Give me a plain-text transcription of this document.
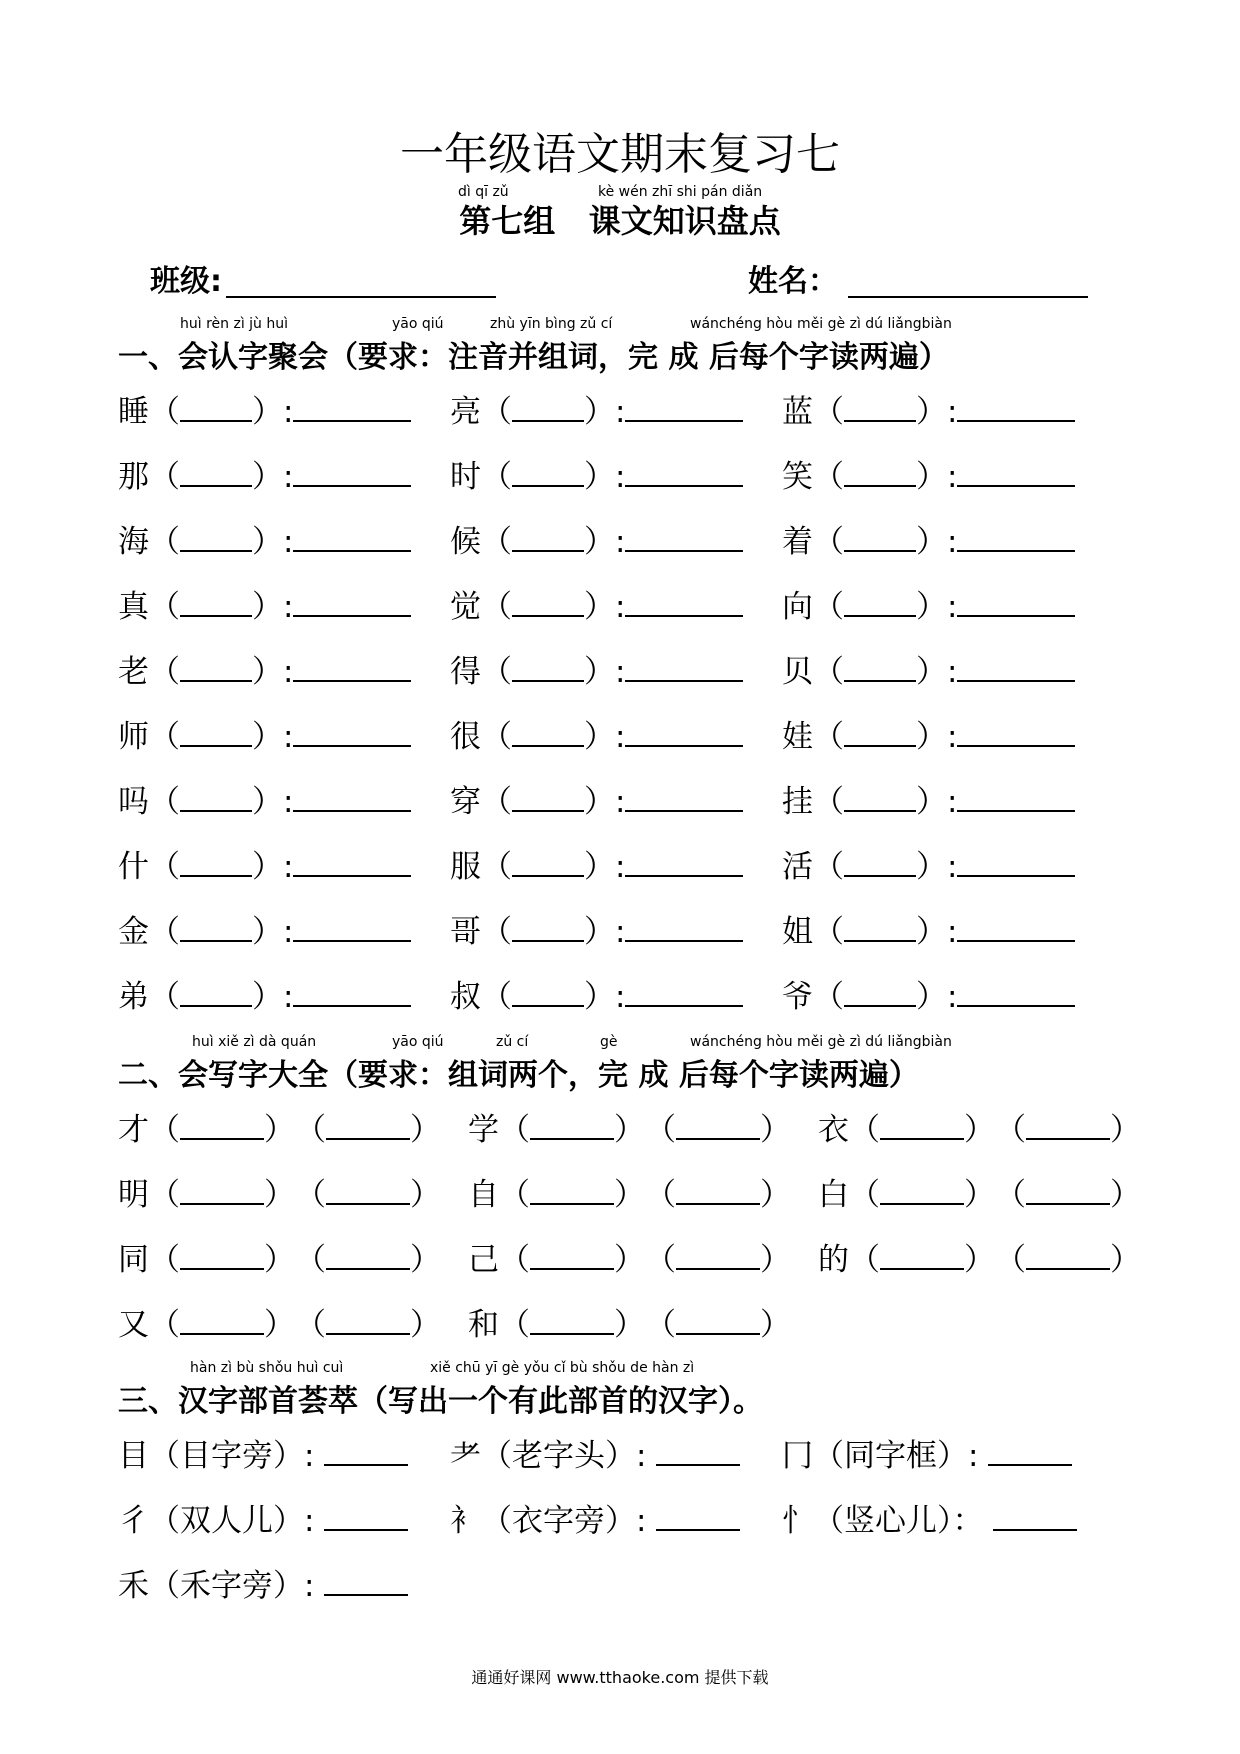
一年级语文期末复习七
dì qī zǔ	kè wén zhī shi pán diǎn
第七组 课文知识盘点
班级:	姓名：
huì rèn zì jù huì	yāo qiú	zhù yīn bìng zǔ cí	wánchéng hòu měi gè zì dú liǎngbiàn
一、会认字聚会（要求：注音并组词，完 成 后每个字读两遍）
睡（ ）:	亮（ ）:	蓝（ ）:
那（ ）:	时（ ）:	笑（ ）:
海（ ）:	候（ ）:	着（ ）:
真（ ）:	觉（ ）:	向（ ）:
老（ ）:	得（ ）:	贝（ ）:
师（ ）:	很（ ）:	娃（ ）:
吗（ ）:	穿（ ）:	挂（ ）:
什（ ）:	服（ ）:	活（ ）:
金（ ）:	哥（ ）:	姐（ ）:
弟（ ）:	叔（ ）:	爷（ ）:
huì xiě zì dà quán	yāo qiú	zǔ cí	gè	wánchéng hòu měi gè zì dú liǎngbiàn
二、会写字大全（要求：组词两个，完 成 后每个字读两遍）
才（	）（	） 学（	）（	） 衣（	）（	）
明（	）（	） 自（	）（	） 白（	）（	）
同（	）（	） 己（	）（	） 的（	）（	）
又（	）（	） 和（	）（	）
hàn zì bù shǒu huì cuì	xiě chū yī gè yǒu cǐ bù shǒu de hàn zì
三、汉字部首荟萃（写出一个有此部首的汉字）。
目（目字旁）:	耂（老字头）:	冂（同字框）:
彳（双人儿）:	衤（衣字旁）:	忄（竖心儿）：
禾（禾字旁）:
通通好课网 www.tthaoke.com 提供下载
